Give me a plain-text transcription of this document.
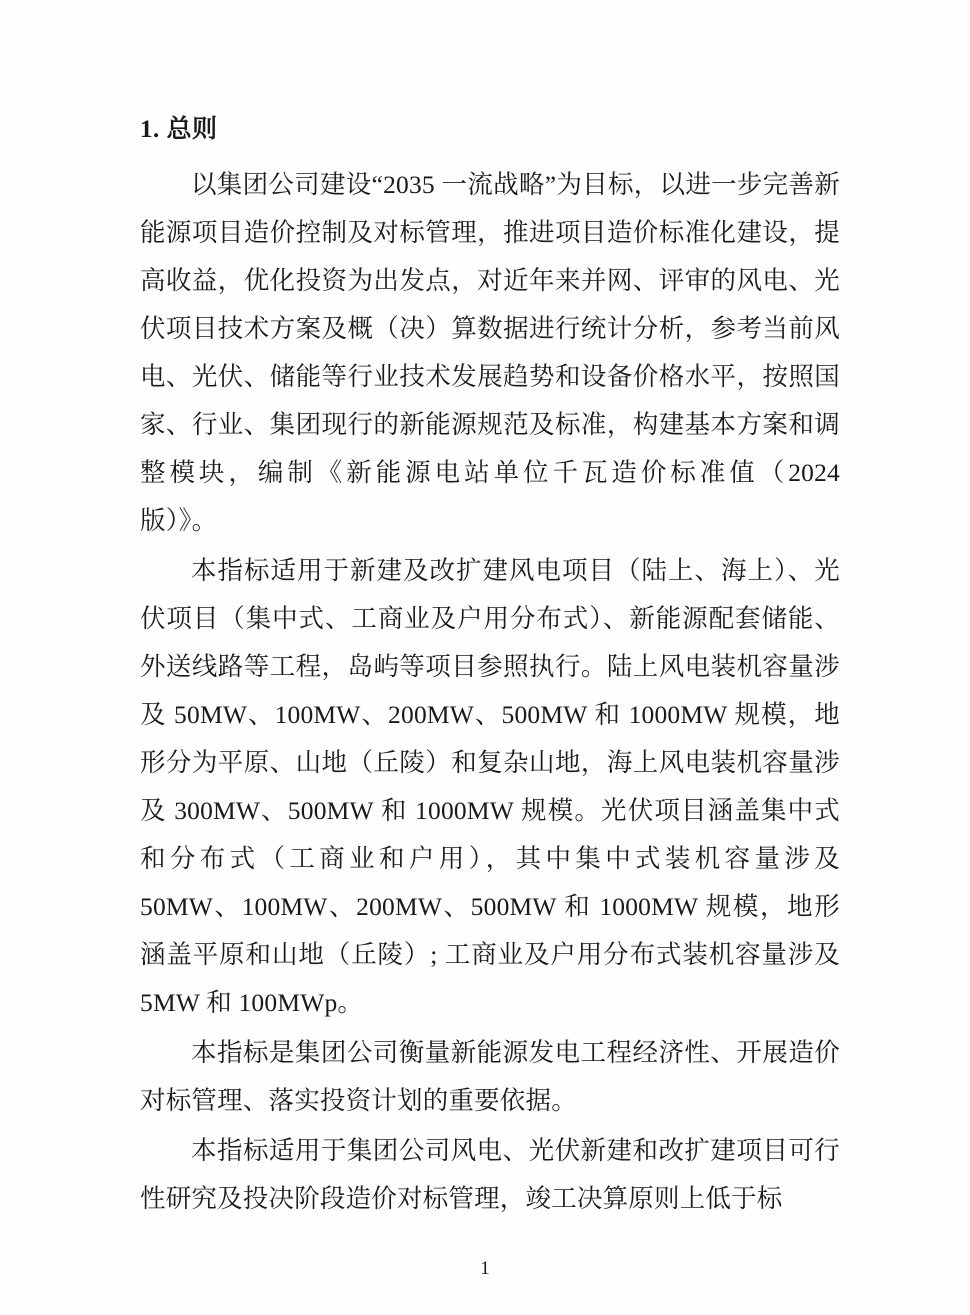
1. 总则

以集团公司建设“2035 一流战略”为目标，以进一步完善新能源项目造价控制及对标管理，推进项目造价标准化建设，提高收益，优化投资为出发点，对近年来并网、评审的风电、光伏项目技术方案及概（决）算数据进行统计分析，参考当前风电、光伏、储能等行业技术发展趋势和设备价格水平，按照国家、行业、集团现行的新能源规范及标准，构建基本方案和调整模块，编制《新能源电站单位千瓦造价标准值（2024 版）》。

本指标适用于新建及改扩建风电项目（陆上、海上）、光伏项目（集中式、工商业及户用分布式）、新能源配套储能、外送线路等工程，岛屿等项目参照执行。陆上风电装机容量涉及 50MW、100MW、200MW、500MW 和 1000MW 规模，地形分为平原、山地（丘陵）和复杂山地，海上风电装机容量涉及 300MW、500MW 和 1000MW 规模。光伏项目涵盖集中式和分布式（工商业和户用），其中集中式装机容量涉及 50MW、100MW、200MW、500MW 和 1000MW 规模，地形涵盖平原和山地（丘陵）; 工商业及户用分布式装机容量涉及 5MW 和 100MWp。

本指标是集团公司衡量新能源发电工程经济性、开展造价对标管理、落实投资计划的重要依据。

本指标适用于集团公司风电、光伏新建和改扩建项目可行性研究及投决阶段造价对标管理，竣工决算原则上低于标

1
